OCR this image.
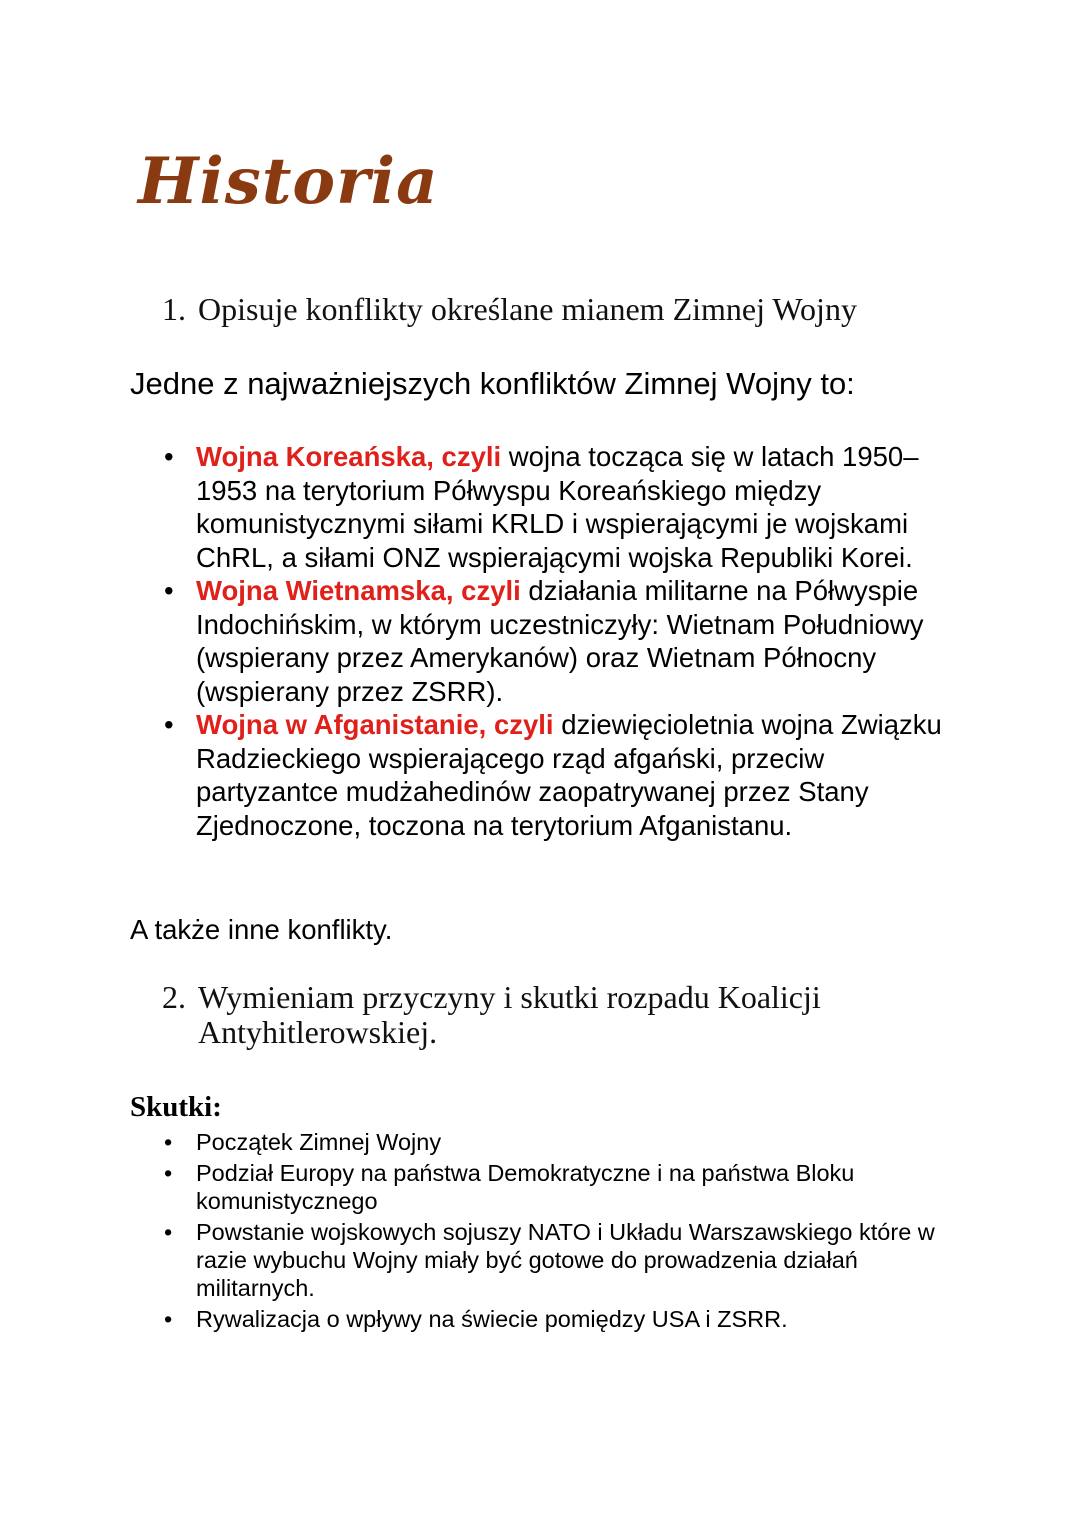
Historia
1. Opisuje konflikty określane mianem Zimnej Wojny
Jedne z najważniejszych konfliktów Zimnej Wojny to:
• Wojna Koreańska, czyli wojna tocząca się w latach 1950–1953 na terytorium Półwyspu Koreańskiego między komunistycznymi siłami KRLD i wspierającymi je wojskami ChRL, a siłami ONZ wspierającymi wojska Republiki Korei.
• Wojna Wietnamska, czyli działania militarne na Półwyspie Indochińskim, w którym uczestniczyły: Wietnam Południowy (wspierany przez Amerykanów) oraz Wietnam Północny (wspierany przez ZSRR).
• Wojna w Afganistanie, czyli dziewięcioletnia wojna Związku Radzieckiego wspierającego rząd afgański, przeciw partyzantce mudżahedinów zaopatrywanej przez Stany Zjednoczone, toczona na terytorium Afganistanu.
A także inne konflikty.
2. Wymieniam przyczyny i skutki rozpadu Koalicji Antyhitlerowskiej.
Skutki:
• Początek Zimnej Wojny
• Podział Europy na państwa Demokratyczne i na państwa Bloku komunistycznego
• Powstanie wojskowych sojuszy NATO i Układu Warszawskiego które w razie wybuchu Wojny miały być gotowe do prowadzenia działań militarnych.
• Rywalizacja o wpływy na świecie pomiędzy USA i ZSRR.
